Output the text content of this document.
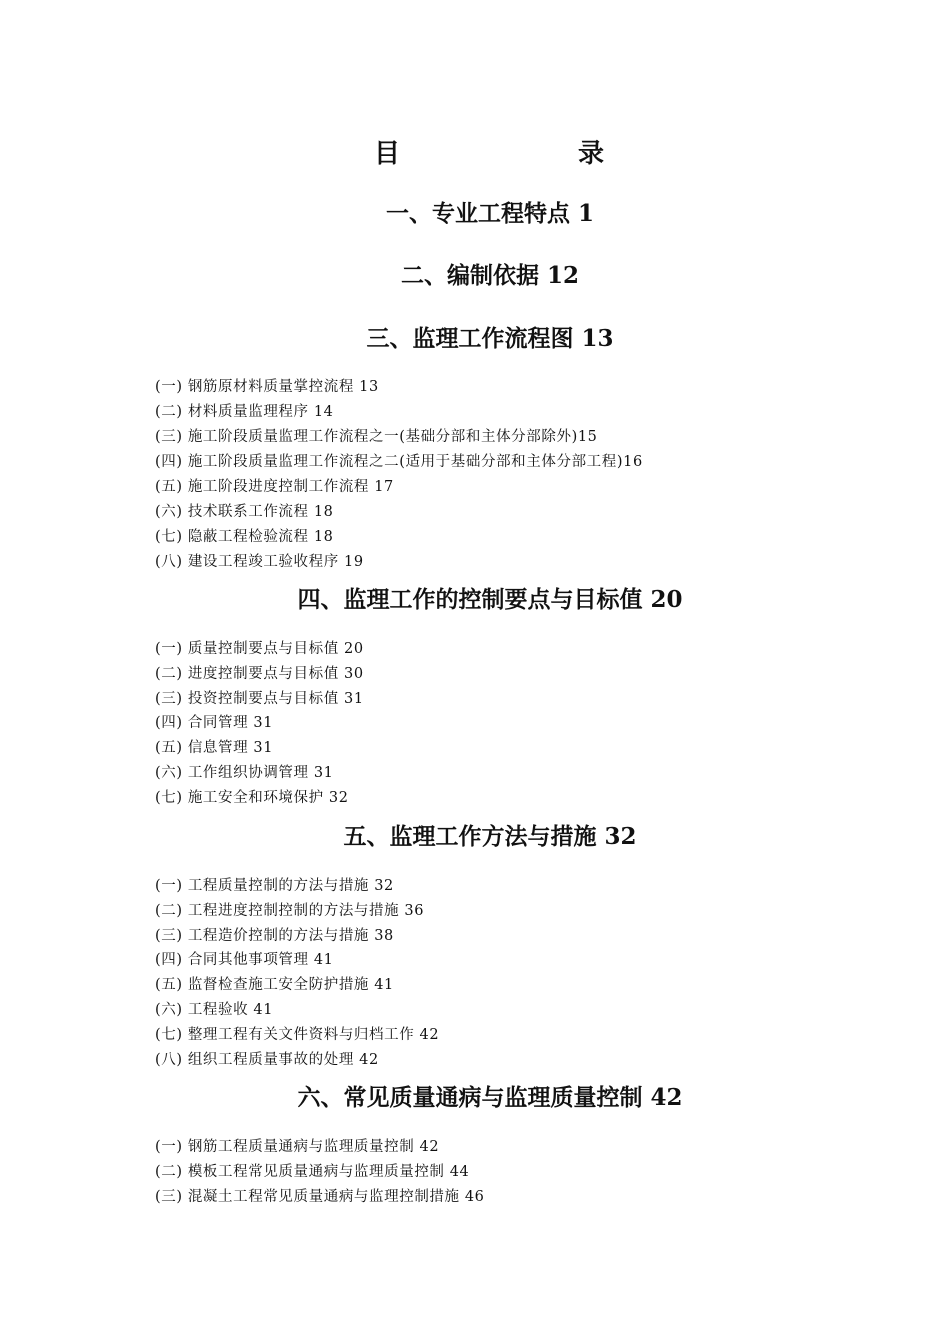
目	录
一、专业工程特点 1
二、编制依据 12
三、监理工作流程图 13
(一) 钢筋原材料质量掌控流程 13
(二) 材料质量监理程序 14
(三) 施工阶段质量监理工作流程之一(基础分部和主体分部除外)15
(四) 施工阶段质量监理工作流程之二(适用于基础分部和主体分部工程)16
(五) 施工阶段进度控制工作流程 17
(六) 技术联系工作流程 18
(七) 隐蔽工程检验流程 18
(八) 建设工程竣工验收程序 19
四、监理工作的控制要点与目标值 20
(一) 质量控制要点与目标值 20
(二) 进度控制要点与目标值 30
(三) 投资控制要点与目标值 31
(四) 合同管理 31
(五) 信息管理 31
(六) 工作组织协调管理 31
(七) 施工安全和环境保护 32
五、监理工作方法与措施 32
(一) 工程质量控制的方法与措施 32
(二) 工程进度控制控制的方法与措施 36
(三) 工程造价控制的方法与措施 38
(四) 合同其他事项管理 41
(五) 监督检查施工安全防护措施 41
(六) 工程验收 41
(七) 整理工程有关文件资料与归档工作 42
(八) 组织工程质量事故的处理 42
六、常见质量通病与监理质量控制 42
(一) 钢筋工程质量通病与监理质量控制 42
(二) 模板工程常见质量通病与监理质量控制 44
(三) 混凝土工程常见质量通病与监理控制措施 46
